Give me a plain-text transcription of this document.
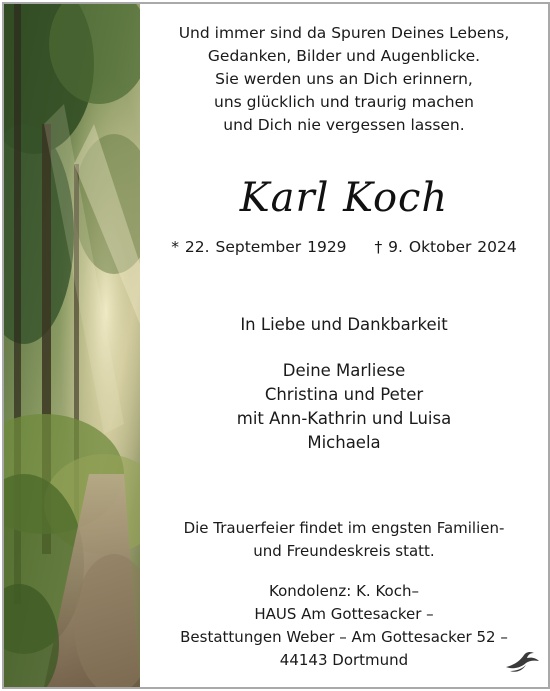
Und immer sind da Spuren Deines Lebens,
Gedanken, Bilder und Augenblicke.
Sie werden uns an Dich erinnern,
uns glücklich und traurig machen
und Dich nie vergessen lassen.
Karl Koch
* 22. September 1929 † 9. Oktober 2024
In Liebe und Dankbarkeit
Deine Marliese
Christina und Peter
mit Ann-Kathrin und Luisa
Michaela
Die Trauerfeier findet im engsten Familien-
und Freundeskreis statt.
Kondolenz: K. Koch–
HAUS Am Gottesacker –
Bestattungen Weber – Am Gottesacker 52 –
44143 Dortmund
